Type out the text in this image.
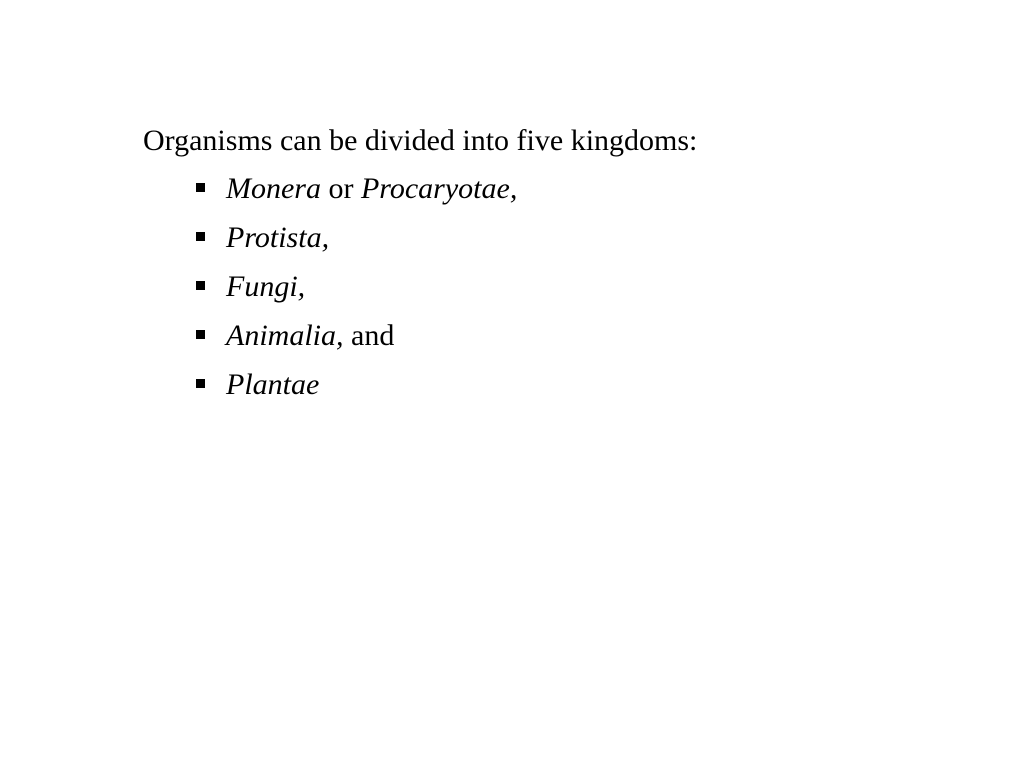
Organisms can be divided into five kingdoms:

Monera or Procaryotae,
Protista,
Fungi,
Animalia, and
Plantae
